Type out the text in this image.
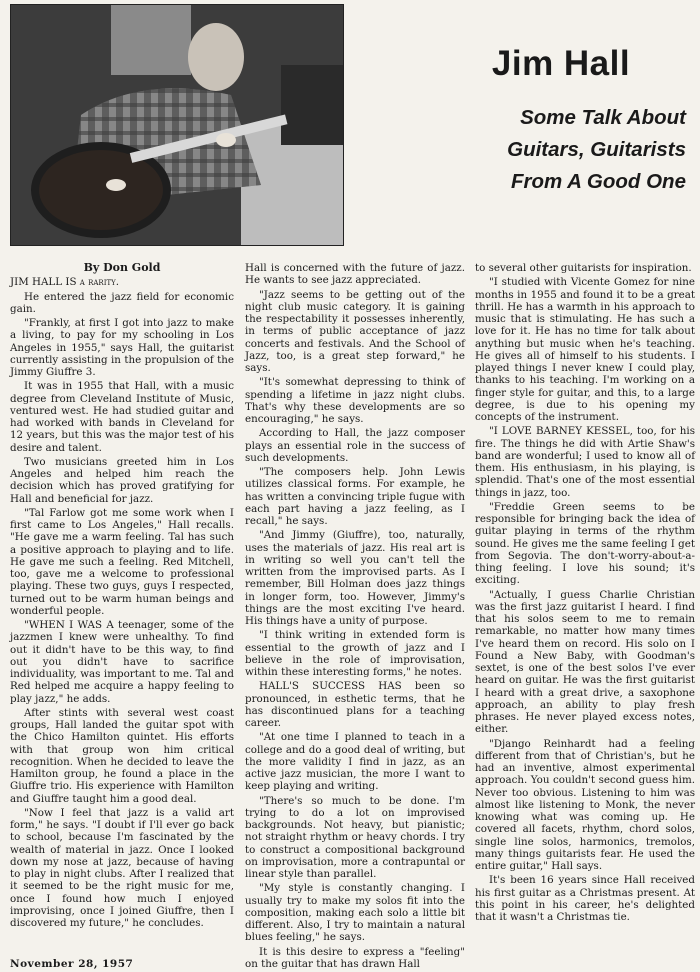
Jim Hall
Some Talk About
Guitars, Guitarists
From A Good One

By Don Gold

JIM HALL IS a rarity.

He entered the jazz field for economic gain.

"Frankly, at first I got into jazz to make a living, to pay for my schooling in Los Angeles in 1955," says Hall, the guitarist currently assisting in the propulsion of the Jimmy Giuffre 3.

It was in 1955 that Hall, with a music degree from Cleveland Institute of Music, ventured west. He had studied guitar and had worked with bands in Cleveland for 12 years, but this was the major test of his desire and talent.

Two musicians greeted him in Los Angeles and helped him reach the decision which has proved gratifying for Hall and beneficial for jazz.

"Tal Farlow got me some work when I first came to Los Angeles," Hall recalls. "He gave me a warm feeling. Tal has such a positive approach to playing and to life. He gave me such a feeling. Red Mitchell, too, gave me a welcome to professional playing. These two guys, guys I respected, turned out to be warm human beings and wonderful people.

"WHEN I WAS A teenager, some of the jazzmen I knew were unhealthy. To find out it didn't have to be this way, to find out you didn't have to sacrifice individuality, was important to me. Tal and Red helped me acquire a happy feeling to play jazz," he adds.

After stints with several west coast groups, Hall landed the guitar spot with the Chico Hamilton quintet. His efforts with that group won him critical recognition. When he decided to leave the Hamilton group, he found a place in the Giuffre trio. His experience with Hamilton and Giuffre taught him a good deal.

"Now I feel that jazz is a valid art form," he says. "I doubt if I'll ever go back to school, because I'm fascinated by the wealth of material in jazz. Once I looked down my nose at jazz, because of having to play in night clubs. After I realized that it seemed to be the right music for me, once I found how much I enjoyed improvising, once I joined Giuffre, then I discovered my future," he concludes.

Hall is concerned with the future of jazz. He wants to see jazz appreciated.

"Jazz seems to be getting out of the night club music category. It is gaining the respectability it possesses inherently, in terms of public acceptance of jazz concerts and festivals. And the School of Jazz, too, is a great step forward," he says.

"It's somewhat depressing to think of spending a lifetime in jazz night clubs. That's why these developments are so encouraging," he says.

According to Hall, the jazz composer plays an essential role in the success of such developments.

"The composers help. John Lewis utilizes classical forms. For example, he has written a convincing triple fugue with each part having a jazz feeling, as I recall," he says.

"And Jimmy (Giuffre), too, naturally, uses the materials of jazz. His real art is in writing so well you can't tell the written from the improvised parts. As I remember, Bill Holman does jazz things in longer form, too. However, Jimmy's things are the most exciting I've heard. His things have a unity of purpose.

"I think writing in extended form is essential to the growth of jazz and I believe in the role of improvisation, within these interesting forms," he notes.

HALL'S SUCCESS HAS been so pronounced, in esthetic terms, that he has discontinued plans for a teaching career.

"At one time I planned to teach in a college and do a good deal of writing, but the more validity I find in jazz, as an active jazz musician, the more I want to keep playing and writing.

"There's so much to be done. I'm trying to do a lot on improvised backgrounds. Not heavy, but pianistic; not straight rhythm or heavy chords. I try to construct a compositional background on improvisation, more a contrapuntal or linear style than parallel.

"My style is constantly changing. I usually try to make my solos fit into the composition, making each solo a little bit different. Also, I try to maintain a natural blues feeling," he says.

It is this desire to express a "feeling" on the guitar that has drawn Hall

to several other guitarists for inspiration.

"I studied with Vicente Gomez for nine months in 1955 and found it to be a great thrill. He has a warmth in his approach to music that is stimulating. He has such a love for it. He has no time for talk about anything but music when he's teaching. He gives all of himself to his students. I played things I never knew I could play, thanks to his teaching. I'm working on a finger style for guitar, and this, to a large degree, is due to his opening my concepts of the instrument.

"I LOVE BARNEY KESSEL, too, for his fire. The things he did with Artie Shaw's band are wonderful; I used to know all of them. His enthusiasm, in his playing, is splendid. That's one of the most essential things in jazz, too.

"Freddie Green seems to be responsible for bringing back the idea of guitar playing in terms of the rhythm sound. He gives me the same feeling I get from Segovia. The don't-worry-about-a-thing feeling. I love his sound; it's exciting.

"Actually, I guess Charlie Christian was the first jazz guitarist I heard. I find that his solos seem to me to remain remarkable, no matter how many times I've heard them on record. His solo on I Found a New Baby, with Goodman's sextet, is one of the best solos I've ever heard on guitar. He was the first guitarist I heard with a great drive, a saxophone approach, an ability to play fresh phrases. He never played excess notes, either.

"Django Reinhardt had a feeling different from that of Christian's, but he had an inventive, almost experimental approach. You couldn't second guess him. Never too obvious. Listening to him was almost like listening to Monk, the never knowing what was coming up. He covered all facets, rhythm, chord solos, single line solos, harmonics, tremolos, many things guitarists fear. He used the entire guitar," Hall says.

It's been 16 years since Hall received his first guitar as a Christmas present. At this point in his career, he's delighted that it wasn't a Christmas tie.

November 28, 1957
